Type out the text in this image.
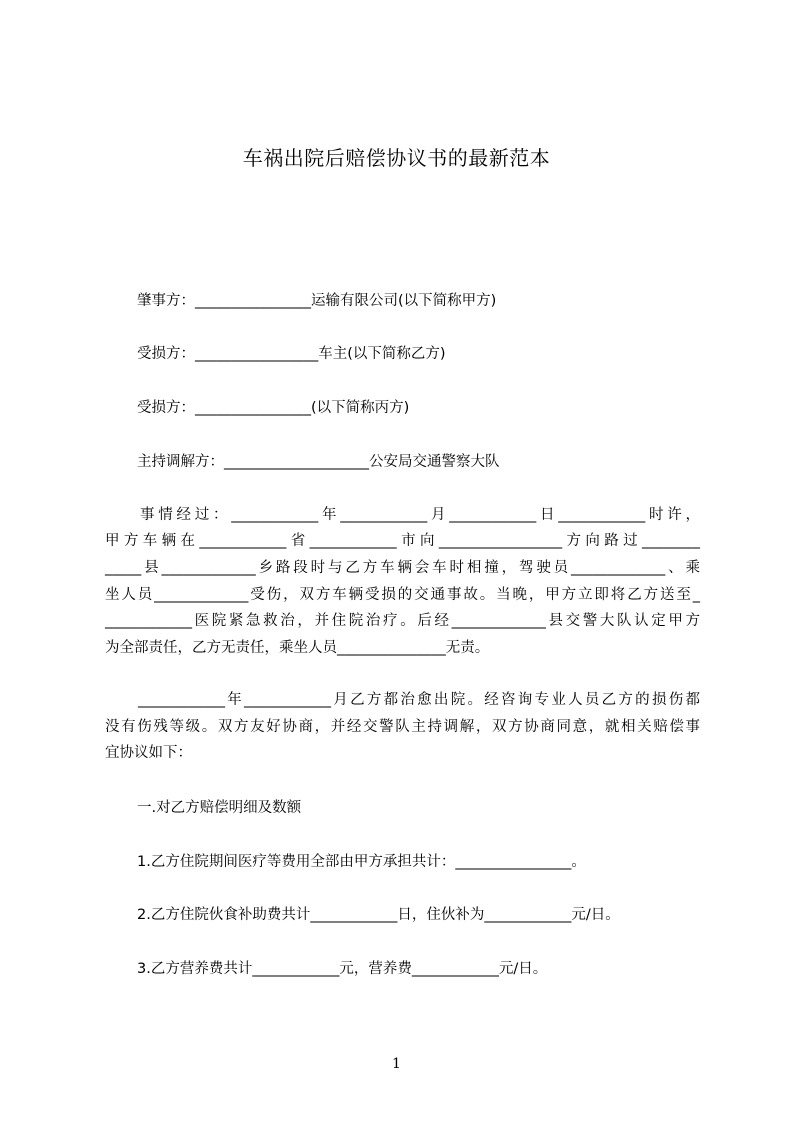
车祸出院后赔偿协议书的最新范本
肇事方：________________运输有限公司(以下简称甲方)
受损方：_________________车主(以下简称乙方)
受损方：________________(以下简称丙方)
主持调解方：____________________公安局交通警察大队
事情经过：____________年____________月____________日____________时许，
甲方车辆在____________省____________市向_________________方向路过________
_____县_____________乡路段时与乙方车辆会车时相撞，驾驶员_____________、乘
坐人员_____________受伤，双方车辆受损的交通事故。当晚，甲方立即将乙方送至_
____________医院紧急救治，并住院治疗。后经_____________县交警大队认定甲方
为全部责任，乙方无责任，乘坐人员_______________无责。
____________年____________月乙方都治愈出院。经咨询专业人员乙方的损伤都
没有伤残等级。双方友好协商，并经交警队主持调解，双方协商同意，就相关赔偿事
宜协议如下：
一.对乙方赔偿明细及数额
1.乙方住院期间医疗等费用全部由甲方承担共计：________________。
2.乙方住院伙食补助费共计____________日，住伙补为____________元/日。
3.乙方营养费共计____________元，营养费____________元/日。
1
